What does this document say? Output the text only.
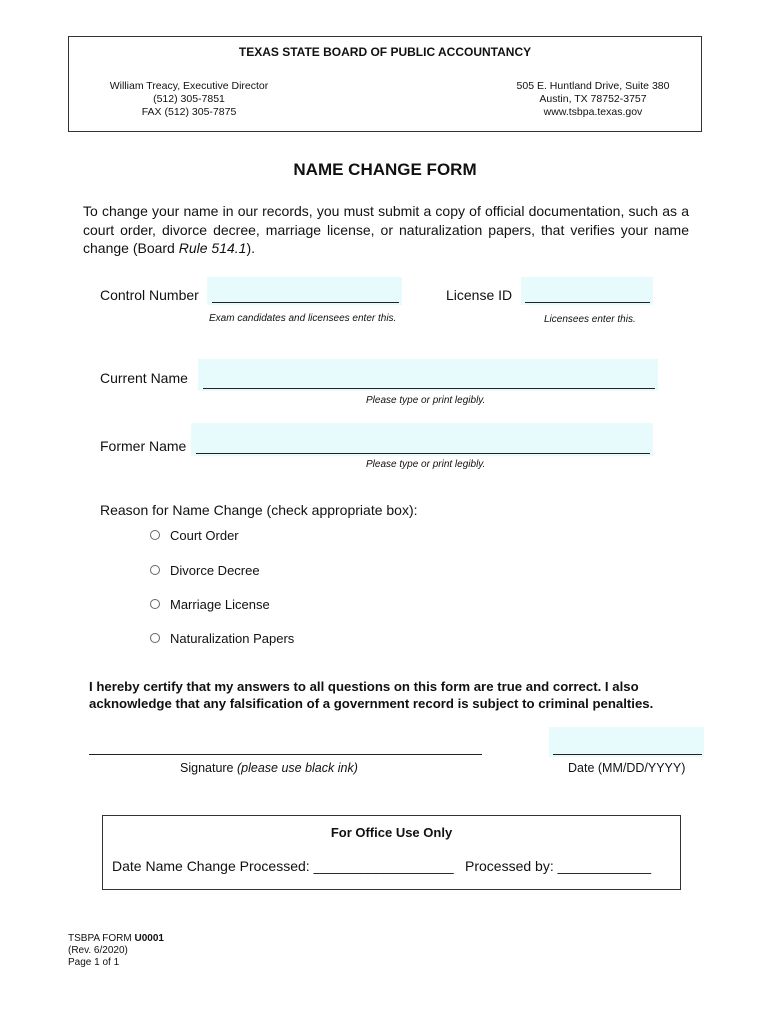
TEXAS STATE BOARD OF PUBLIC ACCOUNTANCY
William Treacy, Executive Director
(512) 305-7851
FAX (512) 305-7875
505 E. Huntland Drive, Suite 380
Austin, TX 78752-3757
www.tsbpa.texas.gov
NAME CHANGE FORM
To change your name in our records, you must submit a copy of official documentation, such as a court order, divorce decree, marriage license, or naturalization papers, that verifies your name change (Board Rule 514.1).
Control Number
Exam candidates and licensees enter this.
License ID
Licensees enter this.
Current Name
Please type or print legibly.
Former Name
Please type or print legibly.
Reason for Name Change (check appropriate box):
Court Order
Divorce Decree
Marriage License
Naturalization Papers
I hereby certify that my answers to all questions on this form are true and correct. I also acknowledge that any falsification of a government record is subject to criminal penalties.
Signature (please use black ink)	Date (MM/DD/YYYY)
For Office Use Only
Date Name Change Processed: __________________ Processed by: ____________
TSBPA FORM U0001
(Rev. 6/2020)
Page 1 of 1
